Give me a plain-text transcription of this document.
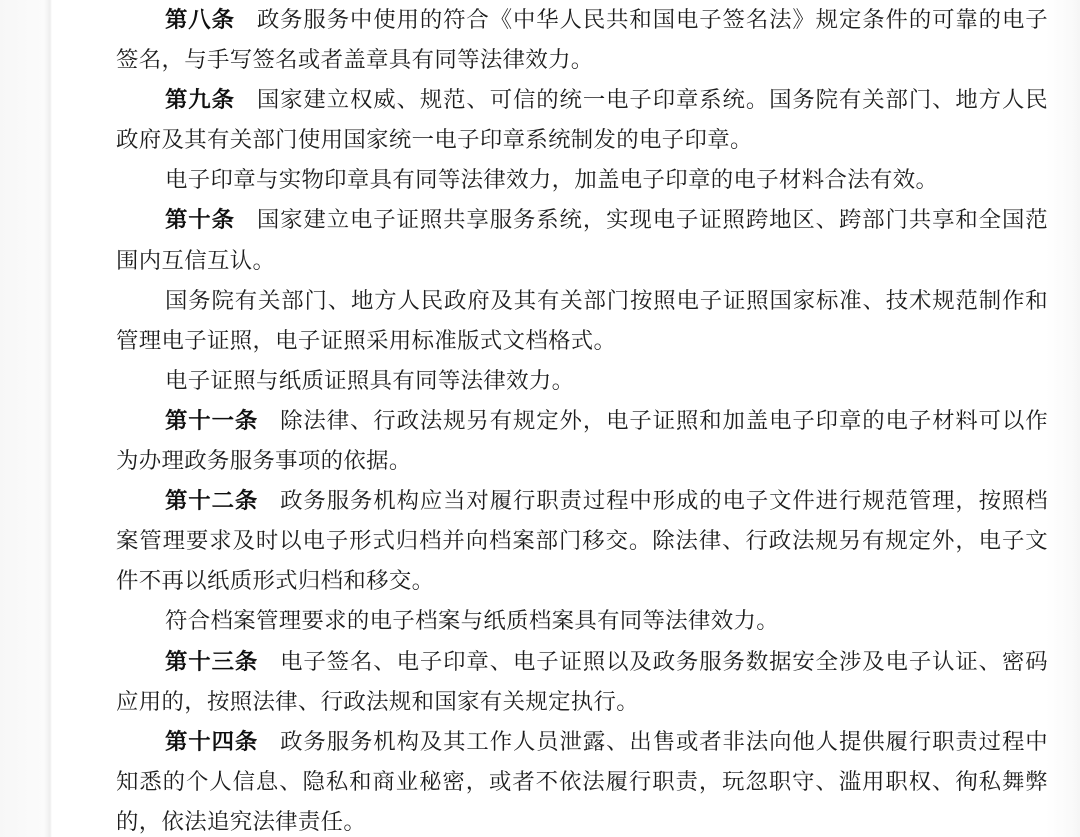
第八条 政务服务中使用的符合《中华人民共和国电子签名法》规定条件的可靠的电子签名，与手写签名或者盖章具有同等法律效力。

第九条 国家建立权威、规范、可信的统一电子印章系统。国务院有关部门、地方人民政府及其有关部门使用国家统一电子印章系统制发的电子印章。

电子印章与实物印章具有同等法律效力，加盖电子印章的电子材料合法有效。

第十条 国家建立电子证照共享服务系统，实现电子证照跨地区、跨部门共享和全国范围内互信互认。

国务院有关部门、地方人民政府及其有关部门按照电子证照国家标准、技术规范制作和管理电子证照，电子证照采用标准版式文档格式。

电子证照与纸质证照具有同等法律效力。

第十一条 除法律、行政法规另有规定外，电子证照和加盖电子印章的电子材料可以作为办理政务服务事项的依据。

第十二条 政务服务机构应当对履行职责过程中形成的电子文件进行规范管理，按照档案管理要求及时以电子形式归档并向档案部门移交。除法律、行政法规另有规定外，电子文件不再以纸质形式归档和移交。

符合档案管理要求的电子档案与纸质档案具有同等法律效力。

第十三条 电子签名、电子印章、电子证照以及政务服务数据安全涉及电子认证、密码应用的，按照法律、行政法规和国家有关规定执行。

第十四条 政务服务机构及其工作人员泄露、出售或者非法向他人提供履行职责过程中知悉的个人信息、隐私和商业秘密，或者不依法履行职责，玩忽职守、滥用职权、徇私舞弊的，依法追究法律责任。
